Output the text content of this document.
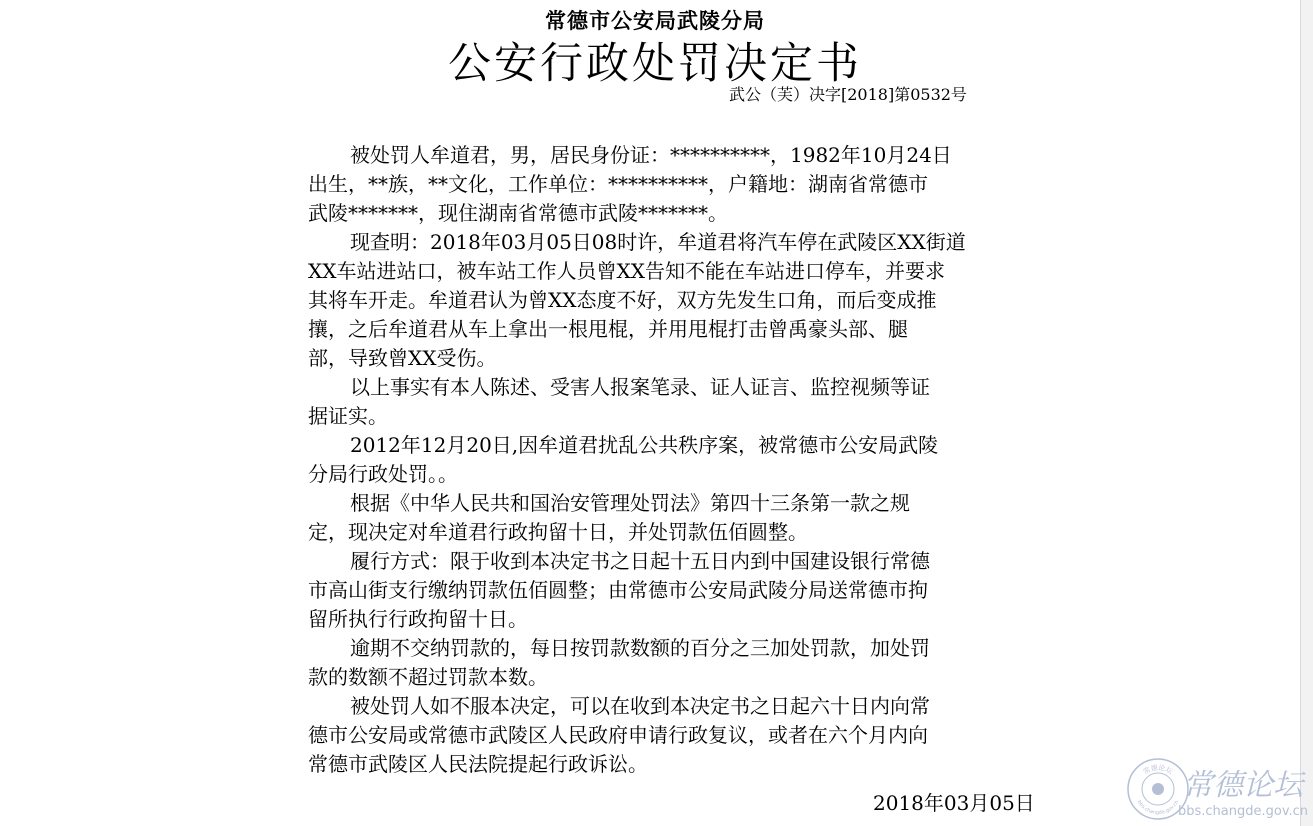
常德市公安局武陵分局
公安行政处罚决定书
武公（芙）决字[2018]第0532号

被处罚人牟道君，男，居民身份证：**********，1982年10月24日
出生，**族，**文化，工作单位：**********，户籍地：湖南省常德市
武陵*******，现住湖南省常德市武陵*******。

现查明：2018年03月05日08时许，牟道君将汽车停在武陵区XX街道
XX车站进站口，被车站工作人员曾XX告知不能在车站进口停车，并要求
其将车开走。牟道君认为曾XX态度不好，双方先发生口角，而后变成推
攘，之后牟道君从车上拿出一根甩棍，并用甩棍打击曾禹豪头部、腿
部，导致曾XX受伤。

以上事实有本人陈述、受害人报案笔录、证人证言、监控视频等证
据证实。

2012年12月20日,因牟道君扰乱公共秩序案，被常德市公安局武陵
分局行政处罚。。

根据《中华人民共和国治安管理处罚法》第四十三条第一款之规
定，现决定对牟道君行政拘留十日，并处罚款伍佰圆整。

履行方式：限于收到本决定书之日起十五日内到中国建设银行常德
市高山街支行缴纳罚款伍佰圆整；由常德市公安局武陵分局送常德市拘
留所执行行政拘留十日。

逾期不交纳罚款的，每日按罚款数额的百分之三加处罚款，加处罚
款的数额不超过罚款本数。

被处罚人如不服本决定，可以在收到本决定书之日起六十日内向常
德市公安局或常德市武陵区人民政府申请行政复议，或者在六个月内向
常德市武陵区人民法院提起行政诉讼。

2018年03月05日
常德论坛
bbs.changde.gov.cn 常德论坛
bbs.changde.gov.cn
